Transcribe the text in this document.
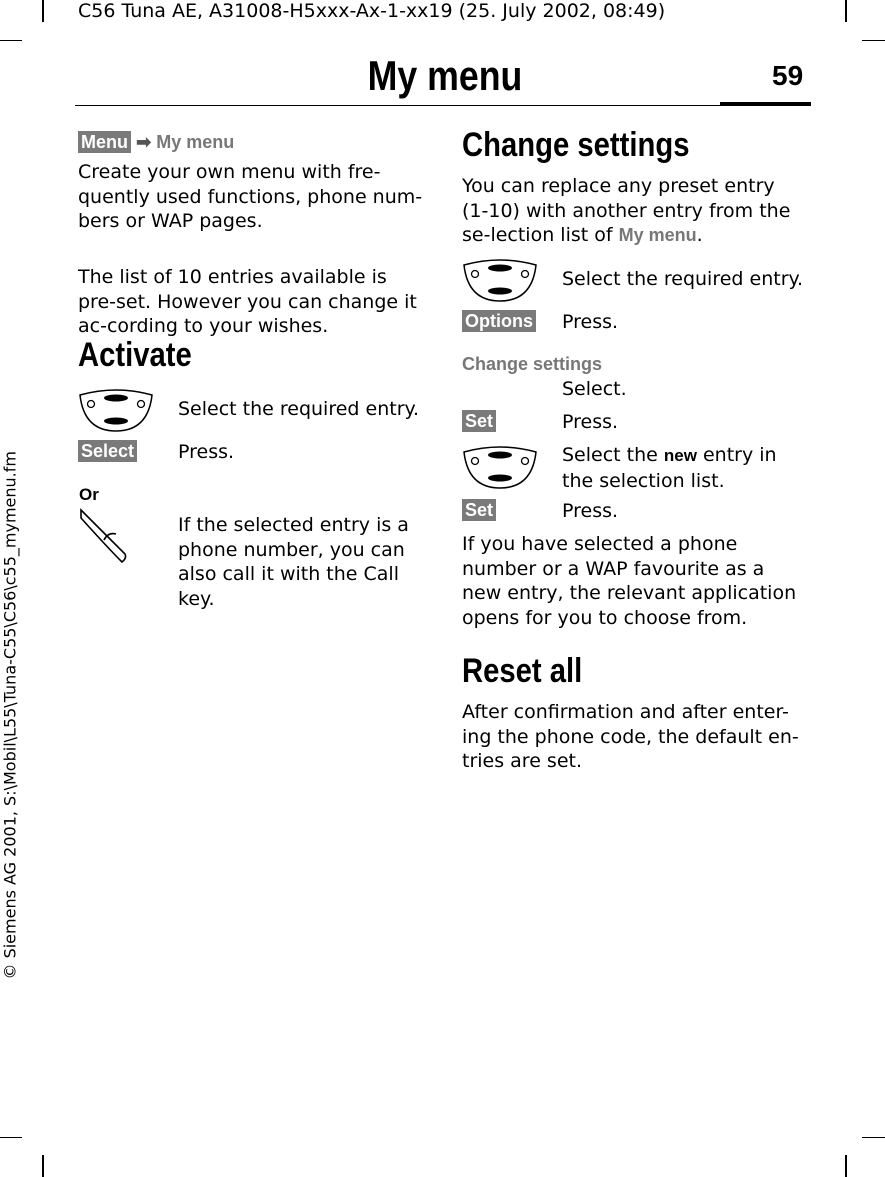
C56 Tuna AE, A31008-H5xxx-Ax-1-xx19 (25. July 2002, 08:49)
© Siemens AG 2001, S:\Mobil\L55\Tuna-C55\C56\c55_mymenu.fm
My menu	59
Menu ➡ My menu
Create your own menu with fre-quently used functions, phone num-bers or WAP pages.
The list of 10 entries available is pre-set. However you can change it ac-cording to your wishes.
Activate
Select the required entry.
Select Press.
Or
If the selected entry is a phone number, you can also call it with the Call key.
Change settings
You can replace any preset entry (1-10) with another entry from the se-lection list of My menu.
Select the required entry.
Options Press.
Change settings
Select.
Set	Press.
Select the new entry in the selection list.
Set	Press.
If you have selected a phone number or a WAP favourite as a new entry, the relevant application opens for you to choose from.
Reset all
After confirmation and after enter-ing the phone code, the default en-tries are set.
